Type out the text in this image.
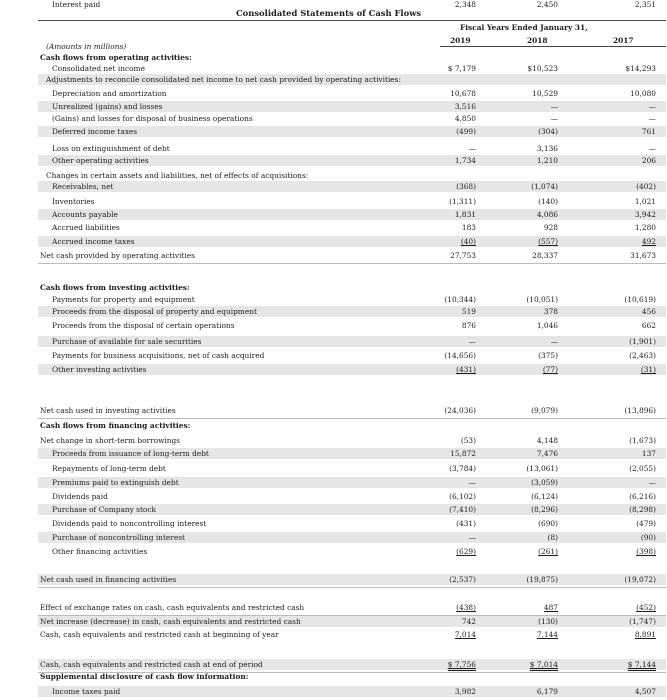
Consolidated Statements of Cash Flows
Fiscal Years Ended January 31,
2019	2018	2017
(Amounts in millions)
Cash flows from operating activities:
Consolidated net income	$ 7,179	$10,523	$14,293
Adjustments to reconcile consolidated net income to net cash provided by operating activities:
Depreciation and amortization	10,678	10,529	10,080
Unrealized (gains) and losses	3,516	—	—
(Gains) and losses for disposal of business operations	4,850	—	—
Deferred income taxes	(499)	(304)	761
Loss on extinguishment of debt	—	3,136	—
Other operating activities	1,734	1,210	206
Changes in certain assets and liabilities, net of effects of acquisitions:
Receivables, net	(368)	(1,074)	(402)
Inventories	(1,311)	(140)	1,021
Accounts payable	1,831	4,086	3,942
Accrued liabilities	183	928	1,280
Accrued income taxes	(40)	(557)	492
Net cash provided by operating activities	27,753	28,337	31,673
Cash flows from investing activities:
Payments for property and equipment	(10,344)	(10,051)	(10,619)
Proceeds from the disposal of property and equipment	519	378	456
Proceeds from the disposal of certain operations	876	1,046	662
Purchase of available for sale securities	—	—	(1,901)
Payments for business acquisitions, net of cash acquired	(14,656)	(375)	(2,463)
Other investing activities	(431)	(77)	(31)
Net cash used in investing activities	(24,036)	(9,079)	(13,896)
Cash flows from financing activities:
Net change in short-term borrowings	(53)	4,148	(1,673)
Proceeds from issuance of long-term debt	15,872	7,476	137
Repayments of long-term debt	(3,784)	(13,061)	(2,055)
Premiums paid to extinguish debt	—	(3,059)	—
Dividends paid	(6,102)	(6,124)	(6,216)
Purchase of Company stock	(7,410)	(8,296)	(8,298)
Dividends paid to noncontrolling interest	(431)	(690)	(479)
Purchase of noncontrolling interest	—	(8)	(90)
Other financing activities	(629)	(261)	(398)
Net cash used in financing activities	(2,537)	(19,875)	(19,072)
Effect of exchange rates on cash, cash equivalents and restricted cash	(438)	487	(452)
Net increase (decrease) in cash, cash equivalents and restricted cash	742	(130)	(1,747)
Cash, cash equivalents and restricted cash at beginning of year	7,014	7,144	8,891
Cash, cash equivalents and restricted cash at end of period	$ 7,756	$ 7,014	$ 7,144
Supplemental disclosure of cash flow information:
Income taxes paid	3,982	6,179	4,507
Interest paid	2,348	2,450	2,351
